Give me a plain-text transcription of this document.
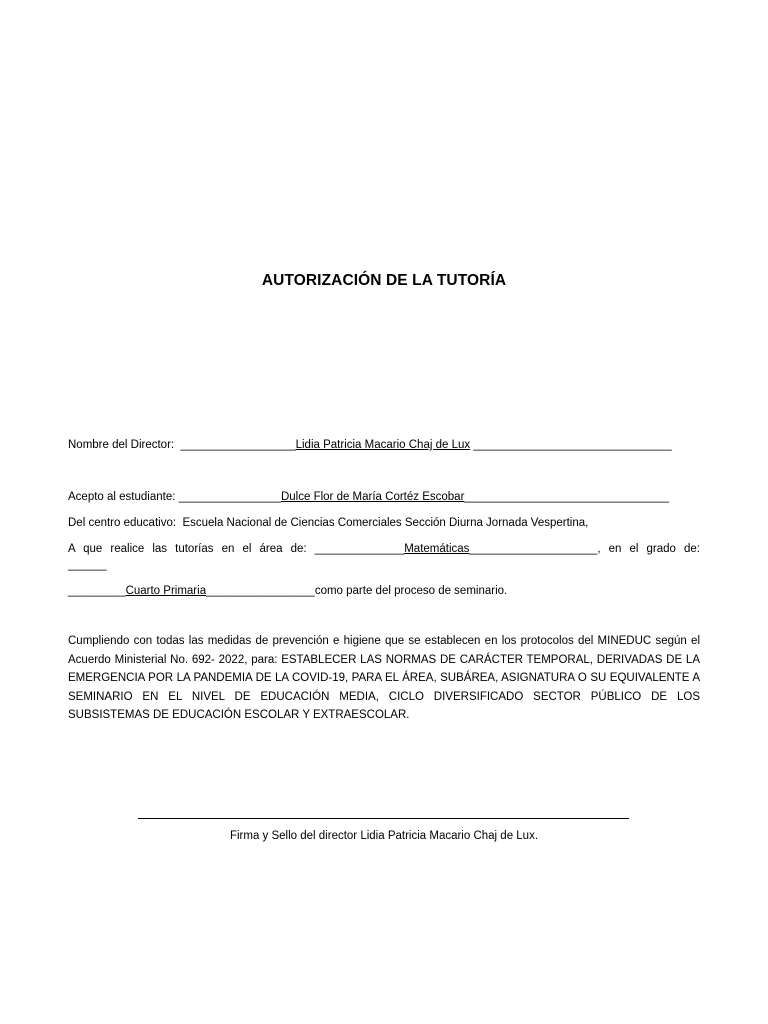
AUTORIZACIÓN DE LA TUTORÍA
Nombre del Director: __________________Lidia Patricia Macario Chaj de Lux _______________________________
Acepto al estudiante: ________________Dulce Flor de María Cortéz Escobar________________________________
Del centro educativo: Escuela Nacional de Ciencias Comerciales Sección Diurna Jornada Vespertina,
A que realice las tutorías en el área de: ______________Matemáticas____________________, en el grado de:
______
_________Cuarto Primaria_________________como parte del proceso de seminario.
Cumpliendo con todas las medidas de prevención e higiene que se establecen en los protocolos del MINEDUC según el Acuerdo Ministerial No. 692- 2022, para: ESTABLECER LAS NORMAS DE CARÁCTER TEMPORAL, DERIVADAS DE LA EMERGENCIA POR LA PANDEMIA DE LA COVID-19, PARA EL ÁREA, SUBÁREA, ASIGNATURA O SU EQUIVALENTE A SEMINARIO EN EL NIVEL DE EDUCACIÓN MEDIA, CICLO DIVERSIFICADO SECTOR PÚBLICO DE LOS SUBSISTEMAS DE EDUCACIÓN ESCOLAR Y EXTRAESCOLAR.
Firma y Sello del director Lidia Patricia Macario Chaj de Lux.
